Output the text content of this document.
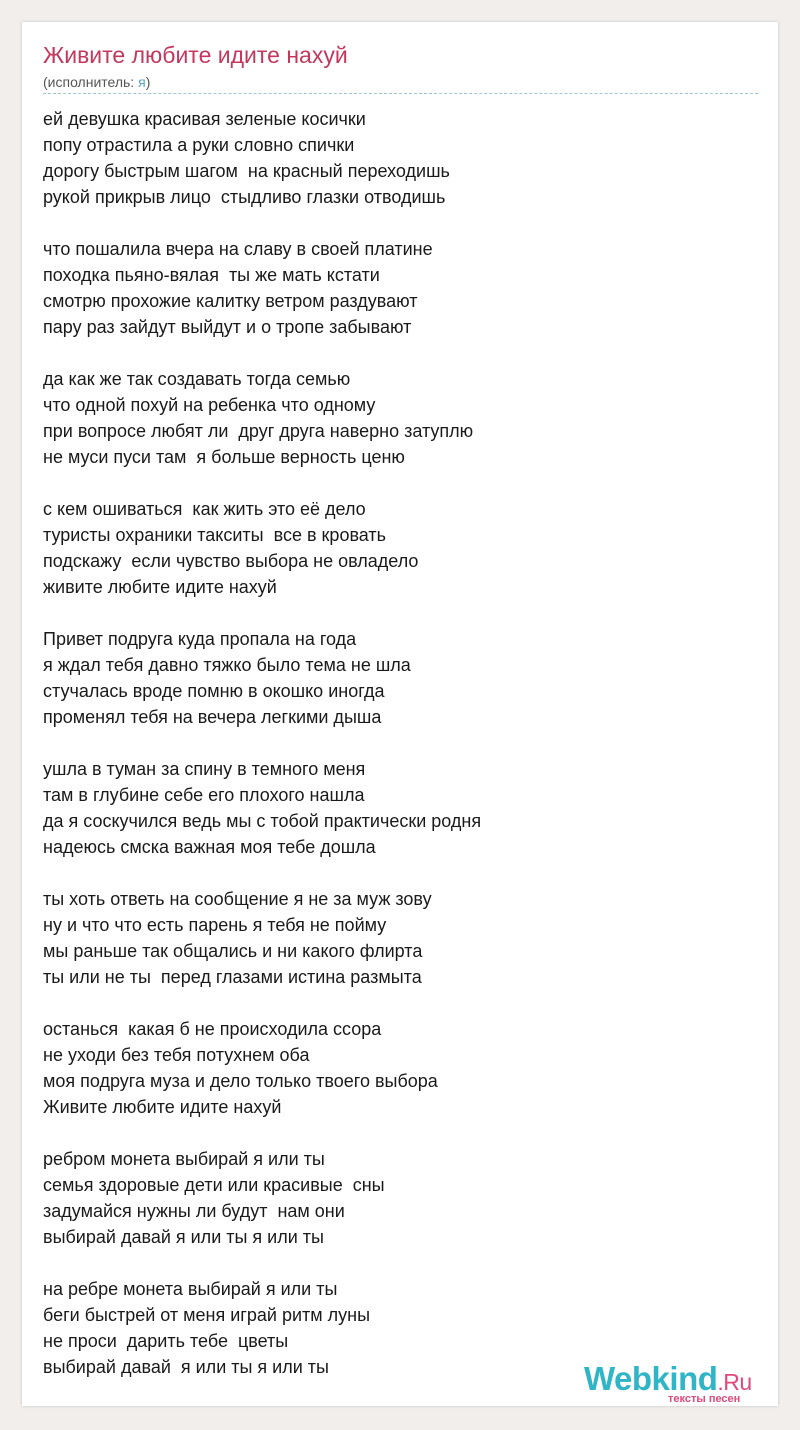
Живите любите идите нахуй
(исполнитель: я)
ей девушка красивая зеленые косички
попу отрастила а руки словно спички
дорогу быстрым шагом  на красный переходишь
рукой прикрыв лицо  стыдливо глазки отводишь
что пошалила вчера на славу в своей платине
походка пьяно-вялая  ты же мать кстати
смотрю прохожие калитку ветром раздувают
пару раз зайдут выйдут и о тропе забывают
да как же так создавать тогда семью
что одной похуй на ребенка что одному
при вопросе любят ли  друг друга наверно затуплю
не муси пуси там  я больше верность ценю
с кем ошиваться  как жить это её дело
туристы охраники такситы  все в кровать
подскажу  если чувство выбора не овладело
живите любите идите нахуй
Привет подруга куда пропала на года
я ждал тебя давно тяжко было тема не шла
стучалась вроде помню в окошко иногда
променял тебя на вечера легкими дыша
ушла в туман за спину в темного меня
там в глубине себе его плохого нашла
да я соскучился ведь мы с тобой практически родня
надеюсь смска важная моя тебе дошла
ты хоть ответь на сообщение я не за муж зову
ну и что что есть парень я тебя не пойму
мы раньше так общались и ни какого флирта
ты или не ты  перед глазами истина размыта
останься  какая б не происходила ссора
не уходи без тебя потухнем оба
моя подруга муза и дело только твоего выбора
Живите любите идите нахуй
ребром монета выбирай я или ты
семья здоровые дети или красивые  сны
задумайся нужны ли будут  нам они
выбирай давай я или ты я или ты
на ребре монета выбирай я или ты
беги быстрей от меня играй ритм луны
не проси  дарить тебе  цветы
выбирай давай  я или ты я или ты	Webkind.Ru
тексты песен
